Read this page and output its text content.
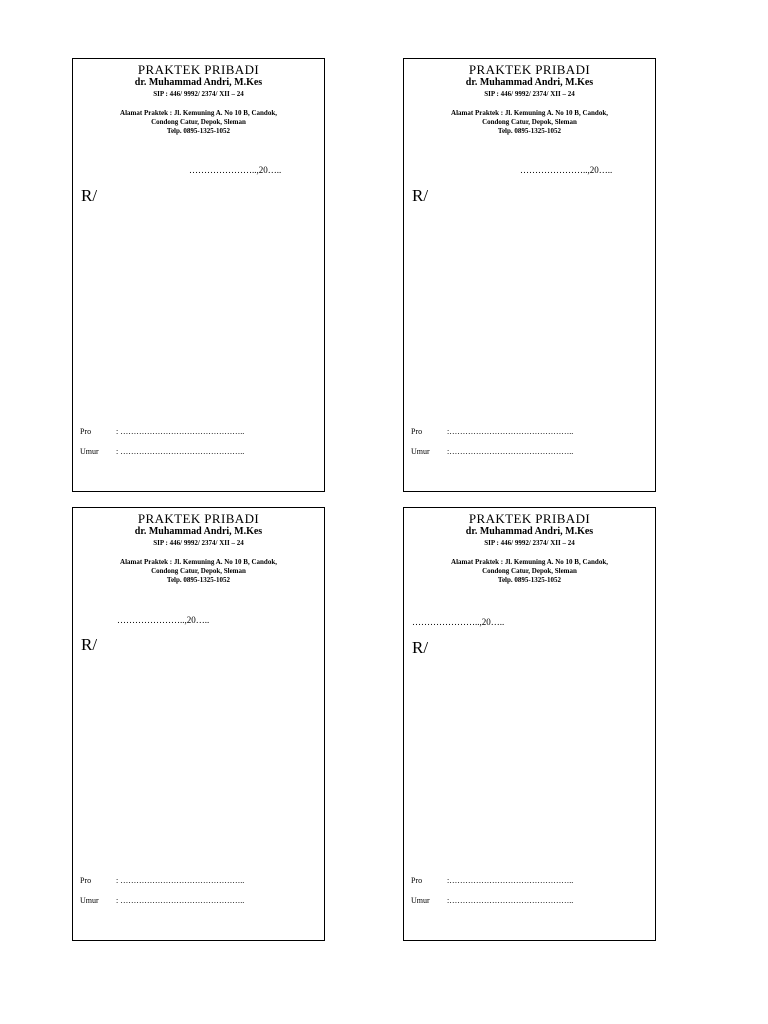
PRAKTEK PRIBADI
dr. Muhammad Andri, M.Kes
SIP : 446/ 9992/ 2374/ XII – 24
Alamat Praktek : Jl. Kemuning A. No 10 B, Candok,
Condong Catur, Depok, Sleman
Telp. 0895-1325-1052
…………………..,20…..
R/
Pro	: ………………………………………..
Umur : ………………………………………..
PRAKTEK PRIBADI
dr. Muhammad Andri, M.Kes
SIP : 446/ 9992/ 2374/ XII – 24
Alamat Praktek : Jl. Kemuning A. No 10 B, Candok,
Condong Catur, Depok, Sleman
Telp. 0895-1325-1052
…………………..,20…..
R/
Pro	:………………………………………..
Umur :………………………………………..
PRAKTEK PRIBADI
dr. Muhammad Andri, M.Kes
SIP : 446/ 9992/ 2374/ XII – 24
Alamat Praktek : Jl. Kemuning A. No 10 B, Candok,
Condong Catur, Depok, Sleman
Telp. 0895-1325-1052
…………………..,20…..
R/
Pro	: ………………………………………..
Umur : ………………………………………..
PRAKTEK PRIBADI
dr. Muhammad Andri, M.Kes
SIP : 446/ 9992/ 2374/ XII – 24
Alamat Praktek : Jl. Kemuning A. No 10 B, Candok,
Condong Catur, Depok, Sleman
Telp. 0895-1325-1052
…………………..,20…..
R/
Pro	:………………………………………..
Umur :………………………………………..
